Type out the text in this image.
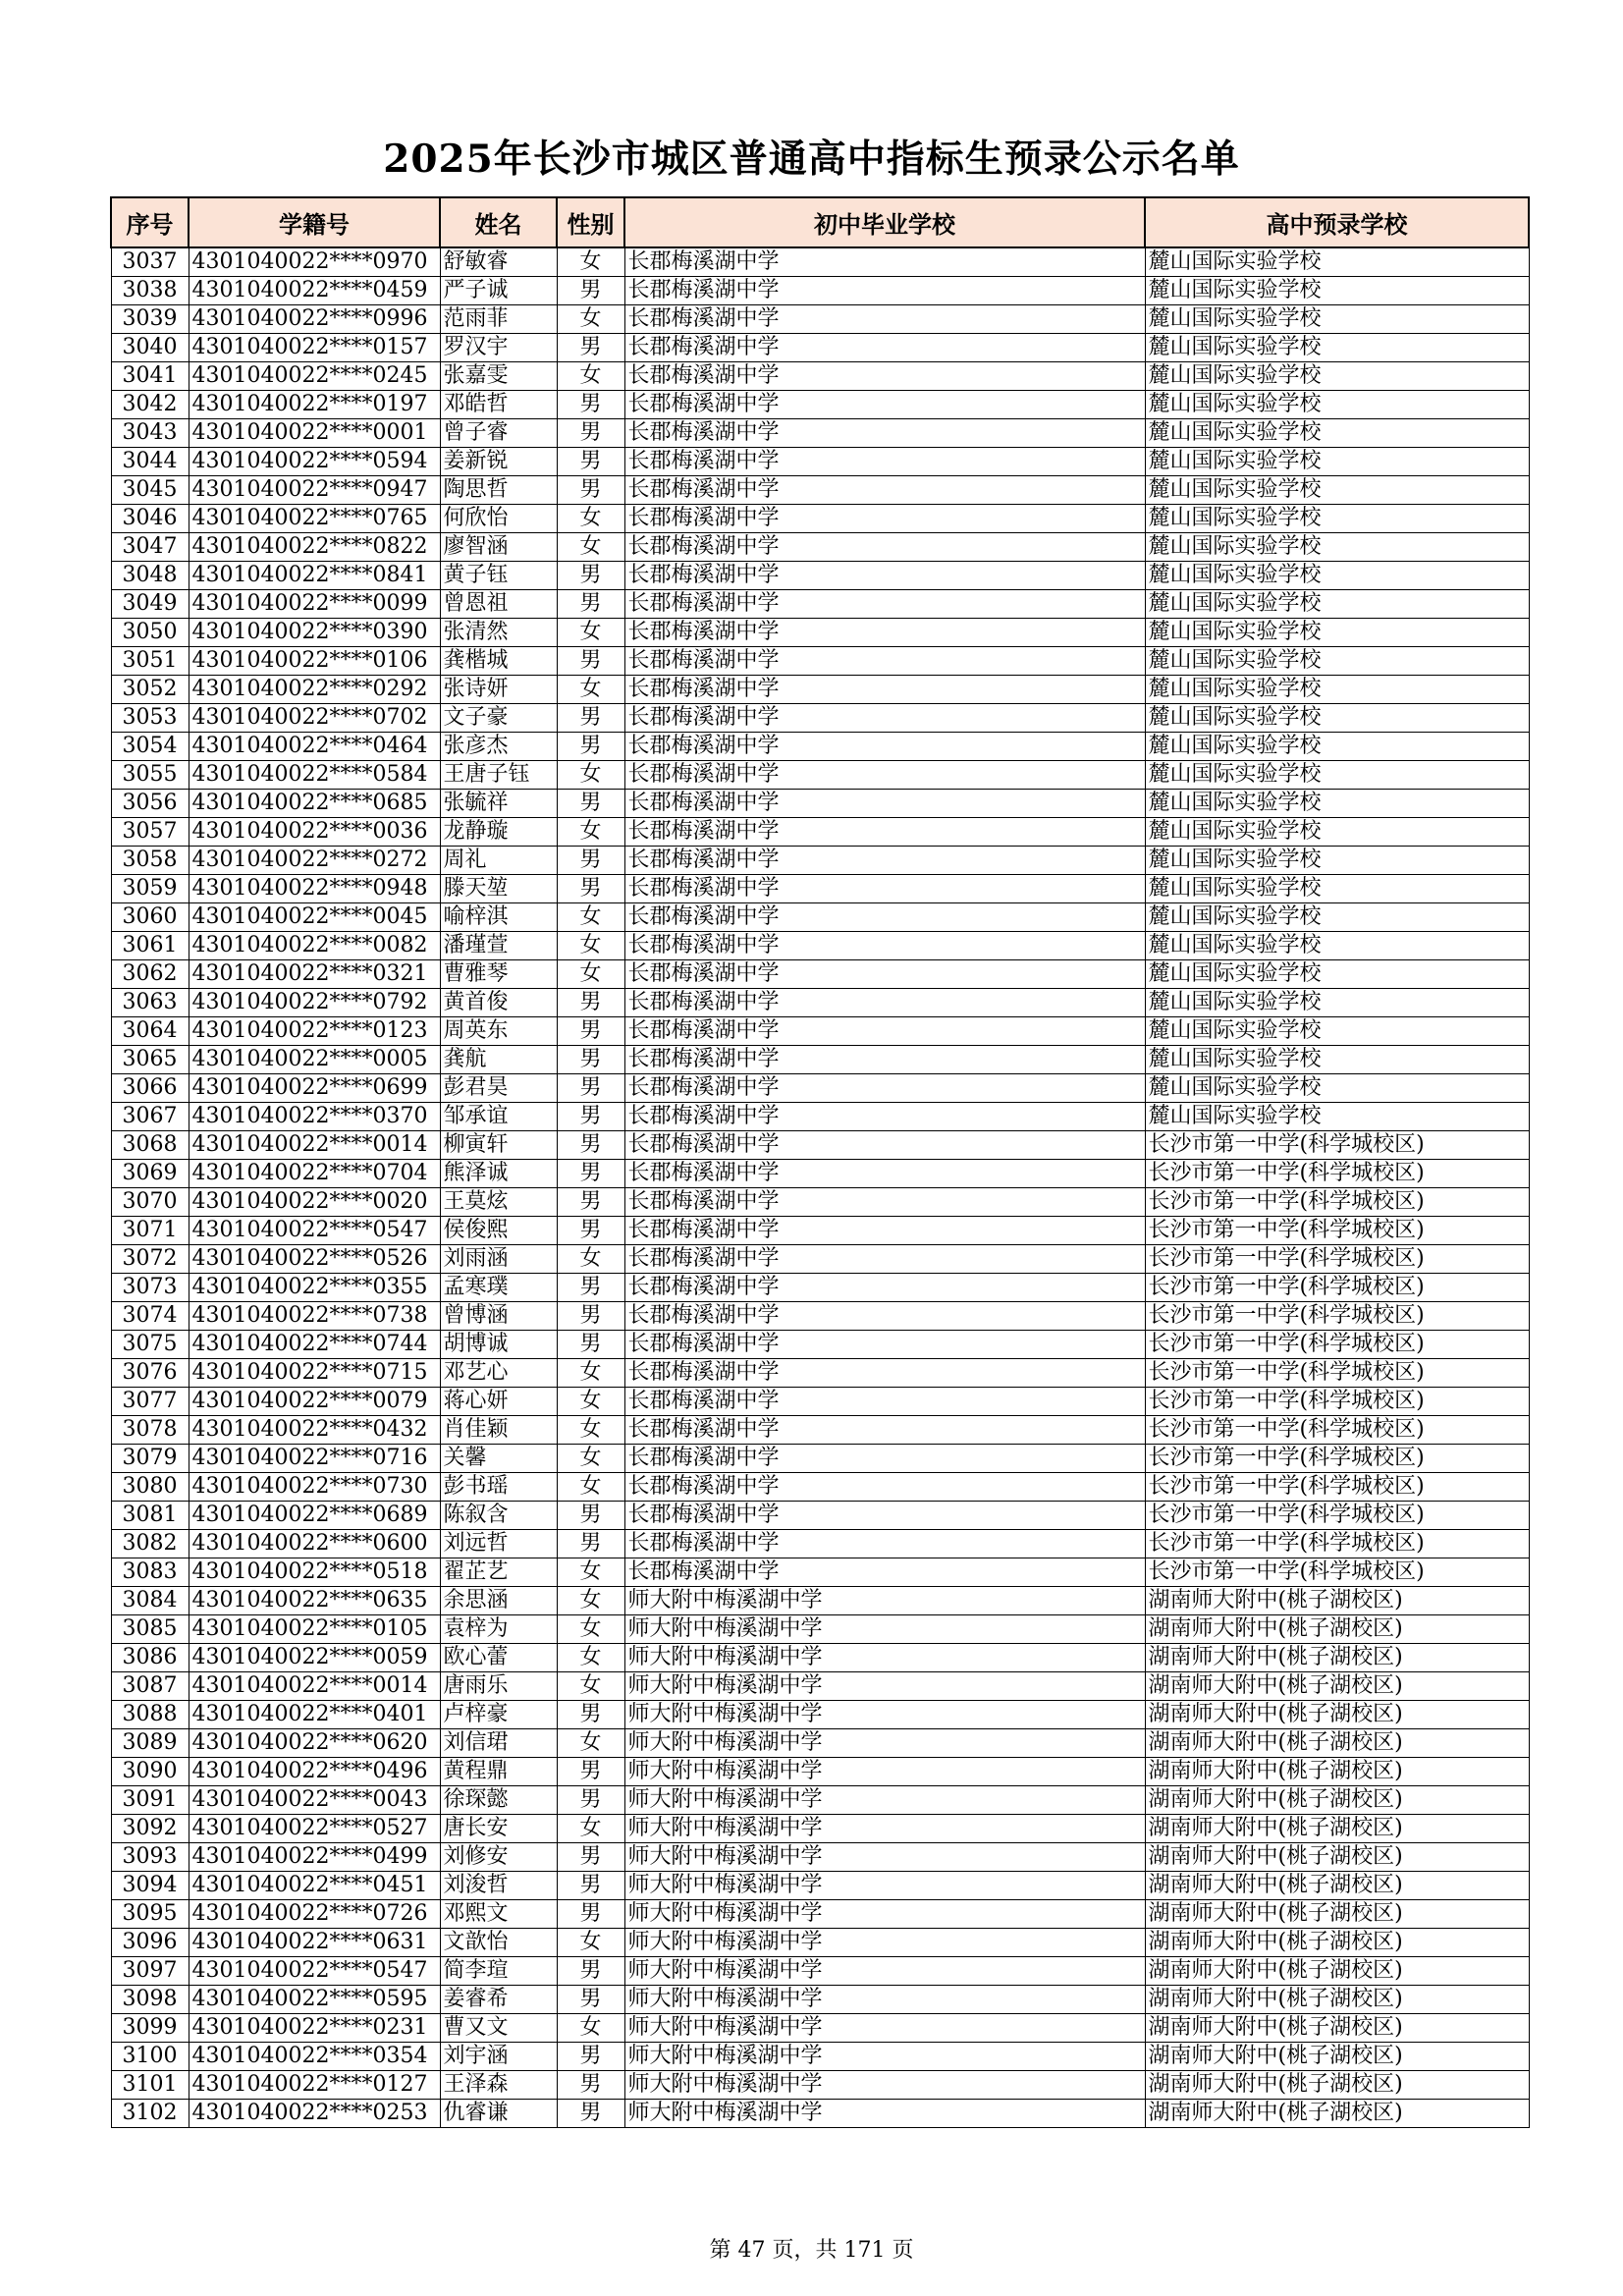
2025年长沙市城区普通高中指标生预录公示名单
序号	学籍号	姓名	性别	初中毕业学校	高中预录学校
3037	4301040022****0970	舒敏睿	女	长郡梅溪湖中学	麓山国际实验学校
3038	4301040022****0459	严子诚	男	长郡梅溪湖中学	麓山国际实验学校
3039	4301040022****0996	范雨菲	女	长郡梅溪湖中学	麓山国际实验学校
3040	4301040022****0157	罗汉宇	男	长郡梅溪湖中学	麓山国际实验学校
3041	4301040022****0245	张嘉雯	女	长郡梅溪湖中学	麓山国际实验学校
3042	4301040022****0197	邓皓哲	男	长郡梅溪湖中学	麓山国际实验学校
3043	4301040022****0001	曾子睿	男	长郡梅溪湖中学	麓山国际实验学校
3044	4301040022****0594	姜新锐	男	长郡梅溪湖中学	麓山国际实验学校
3045	4301040022****0947	陶思哲	男	长郡梅溪湖中学	麓山国际实验学校
3046	4301040022****0765	何欣怡	女	长郡梅溪湖中学	麓山国际实验学校
3047	4301040022****0822	廖智涵	女	长郡梅溪湖中学	麓山国际实验学校
3048	4301040022****0841	黄子钰	男	长郡梅溪湖中学	麓山国际实验学校
3049	4301040022****0099	曾恩祖	男	长郡梅溪湖中学	麓山国际实验学校
3050	4301040022****0390	张清然	女	长郡梅溪湖中学	麓山国际实验学校
3051	4301040022****0106	龚楷城	男	长郡梅溪湖中学	麓山国际实验学校
3052	4301040022****0292	张诗妍	女	长郡梅溪湖中学	麓山国际实验学校
3053	4301040022****0702	文子豪	男	长郡梅溪湖中学	麓山国际实验学校
3054	4301040022****0464	张彦杰	男	长郡梅溪湖中学	麓山国际实验学校
3055	4301040022****0584	王唐子钰	女	长郡梅溪湖中学	麓山国际实验学校
3056	4301040022****0685	张毓祥	男	长郡梅溪湖中学	麓山国际实验学校
3057	4301040022****0036	龙静璇	女	长郡梅溪湖中学	麓山国际实验学校
3058	4301040022****0272	周礼	男	长郡梅溪湖中学	麓山国际实验学校
3059	4301040022****0948	滕天堃	男	长郡梅溪湖中学	麓山国际实验学校
3060	4301040022****0045	喻梓淇	女	长郡梅溪湖中学	麓山国际实验学校
3061	4301040022****0082	潘瑾萱	女	长郡梅溪湖中学	麓山国际实验学校
3062	4301040022****0321	曹雅琴	女	长郡梅溪湖中学	麓山国际实验学校
3063	4301040022****0792	黄首俊	男	长郡梅溪湖中学	麓山国际实验学校
3064	4301040022****0123	周英东	男	长郡梅溪湖中学	麓山国际实验学校
3065	4301040022****0005	龚航	男	长郡梅溪湖中学	麓山国际实验学校
3066	4301040022****0699	彭君昊	男	长郡梅溪湖中学	麓山国际实验学校
3067	4301040022****0370	邹承谊	男	长郡梅溪湖中学	麓山国际实验学校
3068	4301040022****0014	柳寅轩	男	长郡梅溪湖中学	长沙市第一中学(科学城校区)
3069	4301040022****0704	熊泽诚	男	长郡梅溪湖中学	长沙市第一中学(科学城校区)
3070	4301040022****0020	王莫炫	男	长郡梅溪湖中学	长沙市第一中学(科学城校区)
3071	4301040022****0547	侯俊熙	男	长郡梅溪湖中学	长沙市第一中学(科学城校区)
3072	4301040022****0526	刘雨涵	女	长郡梅溪湖中学	长沙市第一中学(科学城校区)
3073	4301040022****0355	孟寒璞	男	长郡梅溪湖中学	长沙市第一中学(科学城校区)
3074	4301040022****0738	曾博涵	男	长郡梅溪湖中学	长沙市第一中学(科学城校区)
3075	4301040022****0744	胡博诚	男	长郡梅溪湖中学	长沙市第一中学(科学城校区)
3076	4301040022****0715	邓艺心	女	长郡梅溪湖中学	长沙市第一中学(科学城校区)
3077	4301040022****0079	蒋心妍	女	长郡梅溪湖中学	长沙市第一中学(科学城校区)
3078	4301040022****0432	肖佳颖	女	长郡梅溪湖中学	长沙市第一中学(科学城校区)
3079	4301040022****0716	关馨	女	长郡梅溪湖中学	长沙市第一中学(科学城校区)
3080	4301040022****0730	彭书瑶	女	长郡梅溪湖中学	长沙市第一中学(科学城校区)
3081	4301040022****0689	陈叙含	男	长郡梅溪湖中学	长沙市第一中学(科学城校区)
3082	4301040022****0600	刘远哲	男	长郡梅溪湖中学	长沙市第一中学(科学城校区)
3083	4301040022****0518	翟芷艺	女	长郡梅溪湖中学	长沙市第一中学(科学城校区)
3084	4301040022****0635	余思涵	女	师大附中梅溪湖中学	湖南师大附中(桃子湖校区)
3085	4301040022****0105	袁梓为	女	师大附中梅溪湖中学	湖南师大附中(桃子湖校区)
3086	4301040022****0059	欧心蕾	女	师大附中梅溪湖中学	湖南师大附中(桃子湖校区)
3087	4301040022****0014	唐雨乐	女	师大附中梅溪湖中学	湖南师大附中(桃子湖校区)
3088	4301040022****0401	卢梓豪	男	师大附中梅溪湖中学	湖南师大附中(桃子湖校区)
3089	4301040022****0620	刘信珺	女	师大附中梅溪湖中学	湖南师大附中(桃子湖校区)
3090	4301040022****0496	黄程鼎	男	师大附中梅溪湖中学	湖南师大附中(桃子湖校区)
3091	4301040022****0043	徐琛懿	男	师大附中梅溪湖中学	湖南师大附中(桃子湖校区)
3092	4301040022****0527	唐长安	女	师大附中梅溪湖中学	湖南师大附中(桃子湖校区)
3093	4301040022****0499	刘修安	男	师大附中梅溪湖中学	湖南师大附中(桃子湖校区)
3094	4301040022****0451	刘浚哲	男	师大附中梅溪湖中学	湖南师大附中(桃子湖校区)
3095	4301040022****0726	邓熙文	男	师大附中梅溪湖中学	湖南师大附中(桃子湖校区)
3096	4301040022****0631	文歆怡	女	师大附中梅溪湖中学	湖南师大附中(桃子湖校区)
3097	4301040022****0547	简李瑄	男	师大附中梅溪湖中学	湖南师大附中(桃子湖校区)
3098	4301040022****0595	姜睿希	男	师大附中梅溪湖中学	湖南师大附中(桃子湖校区)
3099	4301040022****0231	曹又文	女	师大附中梅溪湖中学	湖南师大附中(桃子湖校区)
3100	4301040022****0354	刘宇涵	男	师大附中梅溪湖中学	湖南师大附中(桃子湖校区)
3101	4301040022****0127	王泽森	男	师大附中梅溪湖中学	湖南师大附中(桃子湖校区)
3102	4301040022****0253	仇睿谦	男	师大附中梅溪湖中学	湖南师大附中(桃子湖校区)
第 47 页，共 171 页
